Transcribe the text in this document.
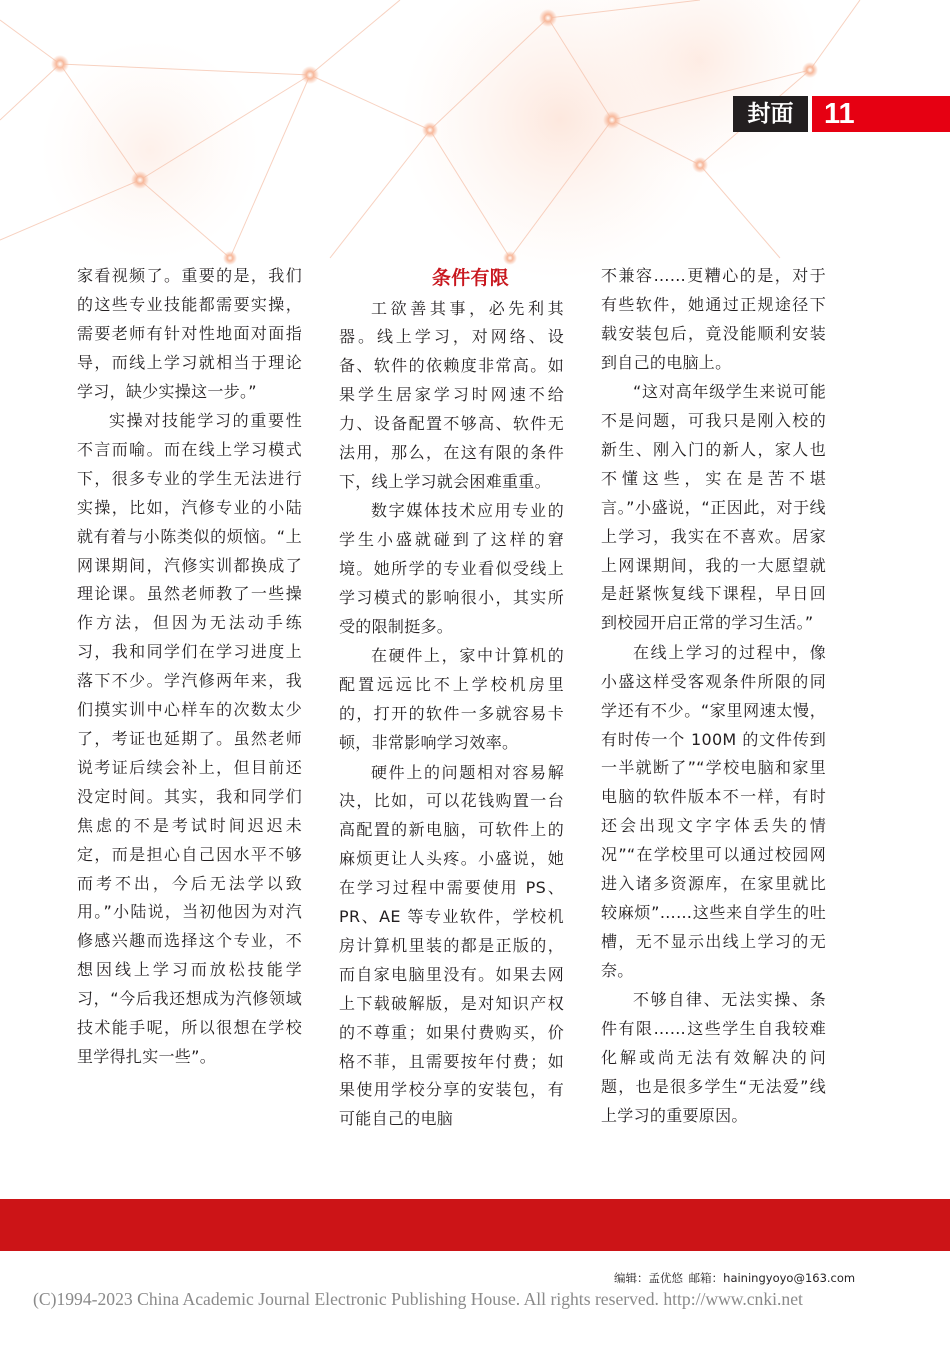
封面	11

家看视频了。重要的是，我们的这些专业技能都需要实操，需要老师有针对性地面对面指导，而线上学习就相当于理论学习，缺少实操这一步。”

实操对技能学习的重要性不言而喻。而在线上学习模式下，很多专业的学生无法进行实操，比如，汽修专业的小陆就有着与小陈类似的烦恼。“上网课期间，汽修实训都换成了理论课。虽然老师教了一些操作方法，但因为无法动手练习，我和同学们在学习进度上落下不少。学汽修两年来，我们摸实训中心样车的次数太少了，考证也延期了。虽然老师说考证后续会补上，但目前还没定时间。其实，我和同学们焦虑的不是考试时间迟迟未定，而是担心自己因水平不够而考不出，今后无法学以致用。”小陆说，当初他因为对汽修感兴趣而选择这个专业，不想因线上学习而放松技能学习，“今后我还想成为汽修领域技术能手呢，所以很想在学校里学得扎实一些”。

条件有限

工欲善其事，必先利其器。线上学习，对网络、设备、软件的依赖度非常高。如果学生居家学习时网速不给力、设备配置不够高、软件无法用，那么，在这有限的条件下，线上学习就会困难重重。

数字媒体技术应用专业的学生小盛就碰到了这样的窘境。她所学的专业看似受线上学习模式的影响很小，其实所受的限制挺多。

在硬件上，家中计算机的配置远远比不上学校机房里的，打开的软件一多就容易卡顿，非常影响学习效率。

硬件上的问题相对容易解决，比如，可以花钱购置一台高配置的新电脑，可软件上的麻烦更让人头疼。小盛说，她在学习过程中需要使用 PS、PR、AE 等专业软件，学校机房计算机里装的都是正版的，而自家电脑里没有。如果去网上下载破解版，是对知识产权的不尊重；如果付费购买，价格不菲，且需要按年付费；如果使用学校分享的安装包，有可能自己的电脑

不兼容……更糟心的是，对于有些软件，她通过正规途径下载安装包后，竟没能顺利安装到自己的电脑上。

“这对高年级学生来说可能不是问题，可我只是刚入校的新生、刚入门的新人，家人也不懂这些，实在是苦不堪言。”小盛说，“正因此，对于线上学习，我实在不喜欢。居家上网课期间，我的一大愿望就是赶紧恢复线下课程，早日回到校园开启正常的学习生活。”

在线上学习的过程中，像小盛这样受客观条件所限的同学还有不少。“家里网速太慢，有时传一个 100M 的文件传到一半就断了”“学校电脑和家里电脑的软件版本不一样，有时还会出现文字字体丢失的情况”“在学校里可以通过校园网进入诸多资源库，在家里就比较麻烦”……这些来自学生的吐槽，无不显示出线上学习的无奈。

不够自律、无法实操、条件有限……这些学生自我较难化解或尚无法有效解决的问题，也是很多学生“无法爱”线上学习的重要原因。

编辑：孟优悠 邮箱：hainingyoyo@163.com
(C)1994-2023 China Academic Journal Electronic Publishing House. All rights reserved. http://www.cnki.net
